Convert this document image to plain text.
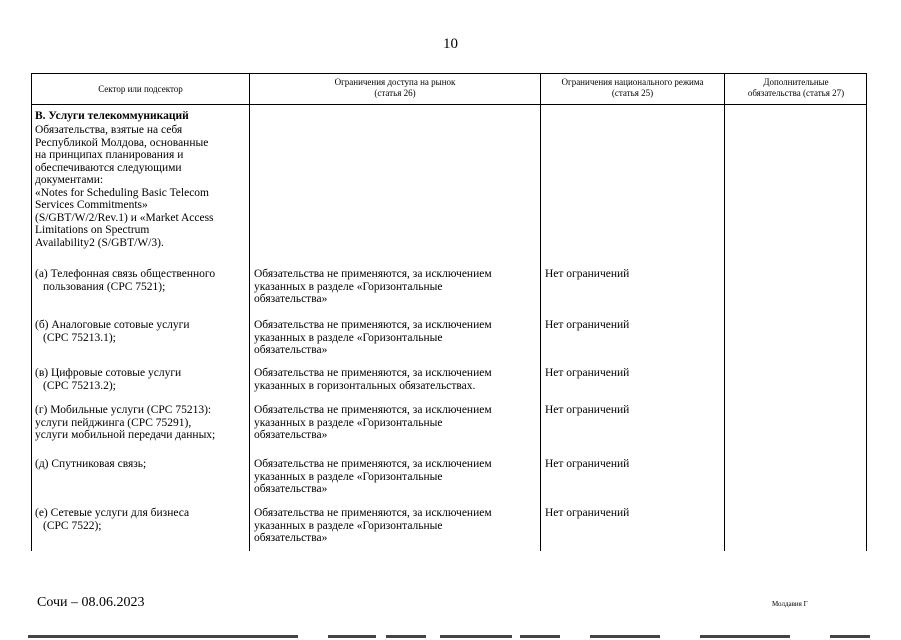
10
Сектор или подсектор
Ограничения доступа на рынок
(статья 26)
Ограничения национального режима
(статья 25)
Дополнительные
обязательства (статья 27)
B. Услуги телекоммуникаций
Обязательства, взятые на себя
Республикой Молдова, основанные
на принципах планирования и
обеспечиваются следующими
документами:
«Notes for Scheduling Basic Telecom
Services Commitments»
(S/GBT/W/2/Rev.1) и «Market Access
Limitations on Spectrum
Availability2 (S/GBT/W/3).
(a) Телефонная связь общественного
пользования (CPC 7521);
Обязательства не применяются, за исключением
указанных в разделе «Горизонтальные
обязательства»
Нет ограничений
(б) Аналоговые сотовые услуги
(CPC 75213.1);
Обязательства не применяются, за исключением
указанных в разделе «Горизонтальные
обязательства»
Нет ограничений
(в) Цифровые сотовые услуги
(CPC 75213.2);
Обязательства не применяются, за исключением
указанных в горизонтальных обязательствах.
Нет ограничений
(г) Мобильные услуги (CPC 75213):
услуги пейджинга (CPC 75291),
услуги мобильной передачи данных;
Обязательства не применяются, за исключением
указанных в разделе «Горизонтальные
обязательства»
Нет ограничений
(д) Спутниковая связь;	Обязательства не применяются, за исключением
указанных в разделе «Горизонтальные
обязательства»
Нет ограничений
(e) Сетевые услуги для бизнеса
(CPC 7522);
Обязательства не применяются, за исключением
указанных в разделе «Горизонтальные
обязательства»
Нет ограничений
Сочи – 08.06.2023	Молдавия Г
